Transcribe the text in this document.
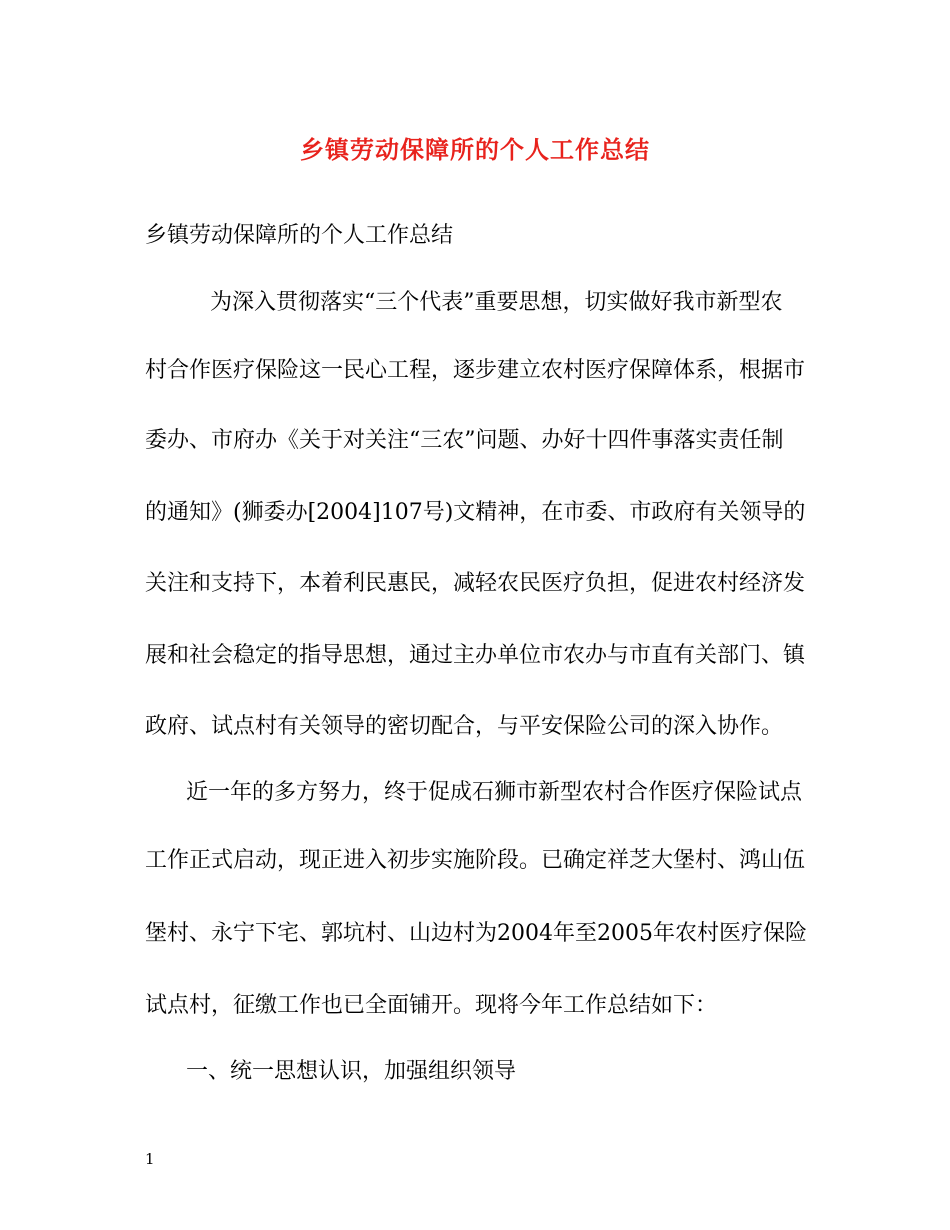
乡镇劳动保障所的个人工作总结
乡镇劳动保障所的个人工作总结
为深入贯彻落实“三个代表”重要思想，切实做好我市新型农
村合作医疗保险这一民心工程，逐步建立农村医疗保障体系，根据市
委办、市府办《关于对关注“三农”问题、办好十四件事落实责任制
的通知》(狮委办[2004]107号)文精神，在市委、市政府有关领导的
关注和支持下，本着利民惠民，减轻农民医疗负担，促进农村经济发
展和社会稳定的指导思想，通过主办单位市农办与市直有关部门、镇
政府、试点村有关领导的密切配合，与平安保险公司的深入协作。
近一年的多方努力，终于促成石狮市新型农村合作医疗保险试点
工作正式启动，现正进入初步实施阶段。已确定祥芝大堡村、鸿山伍
堡村、永宁下宅、郭坑村、山边村为2004年至2005年农村医疗保险
试点村，征缴工作也已全面铺开。现将今年工作总结如下：
一、统一思想认识，加强组织领导
1
